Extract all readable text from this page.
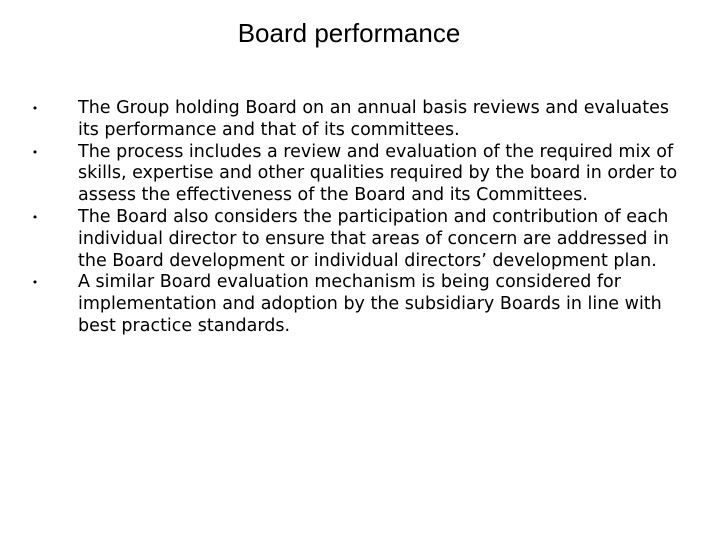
Board performance
• The Group holding Board on an annual basis reviews and evaluates its performance and that of its committees.
• The process includes a review and evaluation of the required mix of skills, expertise and other qualities required by the board in order to assess the effectiveness of the Board and its Committees.
• The Board also considers the participation and contribution of each individual director to ensure that areas of concern are addressed in the Board development or individual directors’ development plan.
• A similar Board evaluation mechanism is being considered for implementation and adoption by the subsidiary Boards in line with best practice standards.
